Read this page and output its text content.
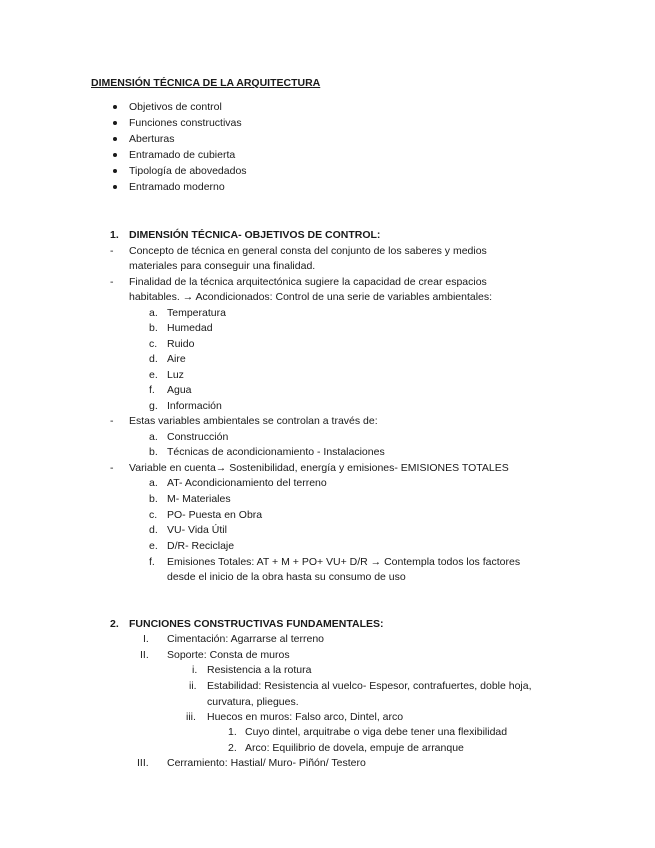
DIMENSIÓN TÉCNICA DE LA ARQUITECTURA
Objetivos de control
Funciones constructivas
Aberturas
Entramado de cubierta
Tipología de abovedados
Entramado moderno
1. DIMENSIÓN TÉCNICA- OBJETIVOS DE CONTROL:
- Concepto de técnica en general consta del conjunto de los saberes y medios
materiales para conseguir una finalidad.
- Finalidad de la técnica arquitectónica sugiere la capacidad de crear espacios
habitables. → Acondicionados: Control de una serie de variables ambientales:
a. Temperatura
b. Humedad
c. Ruido
d. Aire
e. Luz
f. Agua
g. Información
- Estas variables ambientales se controlan a través de:
a. Construcción
b. Técnicas de acondicionamiento - Instalaciones
- Variable en cuenta→ Sostenibilidad, energía y emisiones- EMISIONES TOTALES
a. AT- Acondicionamiento del terreno
b. M- Materiales
c. PO- Puesta en Obra
d. VU- Vida Útil
e. D/R- Reciclaje
f. Emisiones Totales: AT + M + PO+ VU+ D/R → Contempla todos los factores
desde el inicio de la obra hasta su consumo de uso
2. FUNCIONES CONSTRUCTIVAS FUNDAMENTALES:
I. Cimentación: Agarrarse al terreno
II. Soporte: Consta de muros
i. Resistencia a la rotura
ii. Estabilidad: Resistencia al vuelco- Espesor, contrafuertes, doble hoja,
curvatura, pliegues.
iii. Huecos en muros: Falso arco, Dintel, arco
1. Cuyo dintel, arquitrabe o viga debe tener una flexibilidad
2. Arco: Equilibrio de dovela, empuje de arranque
III. Cerramiento: Hastial/ Muro- Piñón/ Testero
